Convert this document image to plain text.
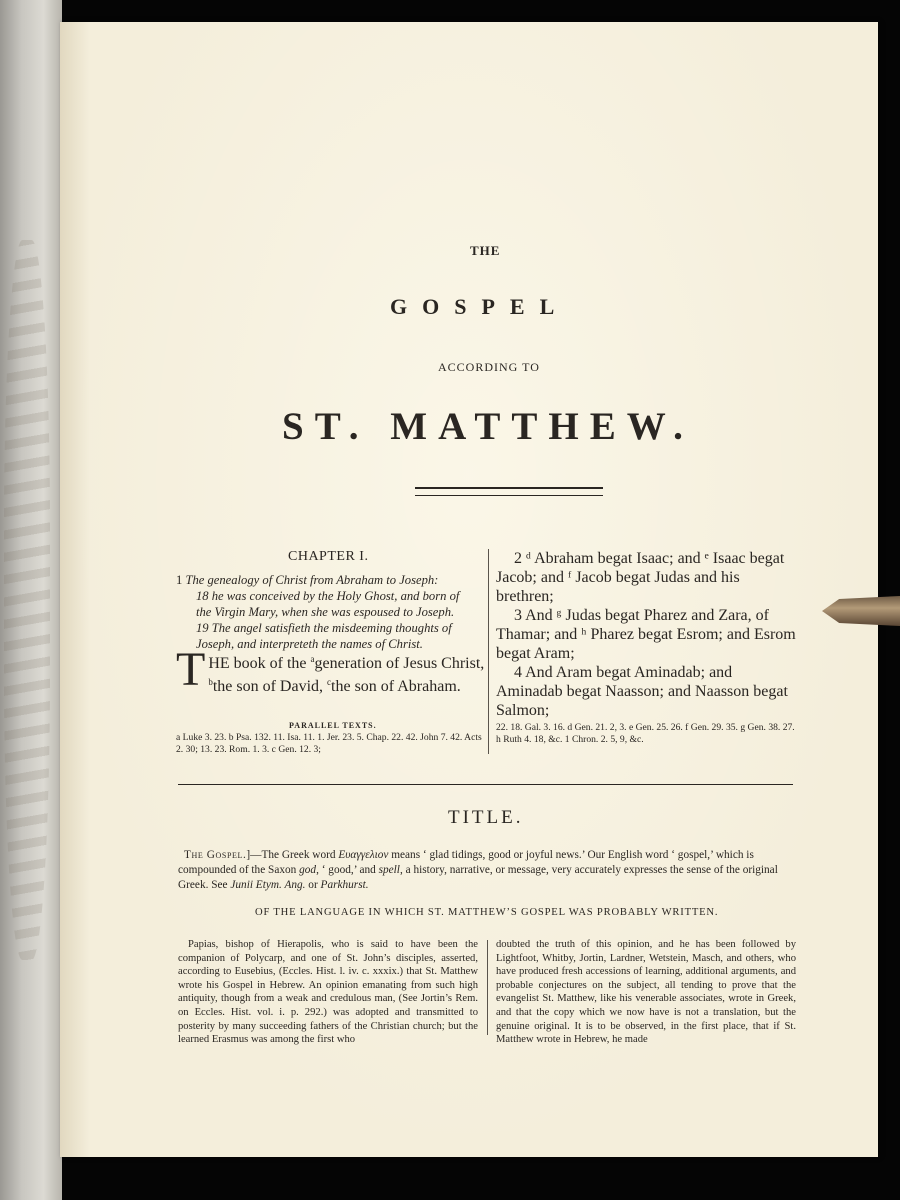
THE
GOSPEL
ACCORDING TO
ST. MATTHEW.
CHAPTER I.
1 The genealogy of Christ from Abraham to Joseph:
18 he was conceived by the Holy Ghost, and born of
the Virgin Mary, when she was espoused to Joseph.
19 The angel satisfieth the misdeeming thoughts of
Joseph, and interpreteth the names of Christ.
THE book of the $^a$generation of Jesus Christ, $^b$the son of David, $^c$the son of Abraham.
PARALLEL TEXTS.
a Luke 3. 23. b Psa. 132. 11. Isa. 11. 1. Jer. 23. 5. Chap. 22. 42. John 7. 42. Acts 2. 30; 13. 23. Rom. 1. 3. c Gen. 12. 3;

2 ᵈ Abraham begat Isaac; and ᵉ Isaac begat Jacob; and ᶠ Jacob begat Judas and his brethren;

3 And ᵍ Judas begat Pharez and Zara, of Thamar; and ʰ Pharez begat Esrom; and Esrom begat Aram;

4 And Aram begat Aminadab; and Aminadab begat Naasson; and Naasson begat Salmon;

22. 18. Gal. 3. 16. d Gen. 21. 2, 3. e Gen. 25. 26. f Gen. 29. 35. g Gen. 38. 27. h Ruth 4. 18, &c. 1 Chron. 2. 5, 9, &c.
TITLE.
The Gospel.]—The Greek word Ευαγγελιον means ‘ glad tidings, good or joyful news.’ Our English word ‘ gospel,’ which is compounded of the Saxon god, ‘ good,’ and spell, a history, narrative, or message, very accurately expresses the sense of the original Greek. See Junii Etym. Ang. or Parkhurst.
OF THE LANGUAGE IN WHICH ST. MATTHEW’S GOSPEL WAS PROBABLY WRITTEN.
Papias, bishop of Hierapolis, who is said to have been the companion of Polycarp, and one of St. John’s disciples, asserted, according to Eusebius, (Eccles. Hist. l. iv. c. xxxix.) that St. Matthew wrote his Gospel in Hebrew. An opinion emanating from such high antiquity, though from a weak and credulous man, (See Jortin’s Rem. on Eccles. Hist. vol. i. p. 292.) was adopted and transmitted to posterity by many succeeding fathers of the Christian church; but the learned Erasmus was among the first who
doubted the truth of this opinion, and he has been followed by Lightfoot, Whitby, Jortin, Lardner, Wetstein, Masch, and others, who have produced fresh accessions of learning, additional arguments, and probable conjectures on the subject, all tending to prove that the evangelist St. Matthew, like his venerable associates, wrote in Greek, and that the copy which we now have is not a translation, but the genuine original. It is to be observed, in the first place, that if St. Matthew wrote in Hebrew, he made
